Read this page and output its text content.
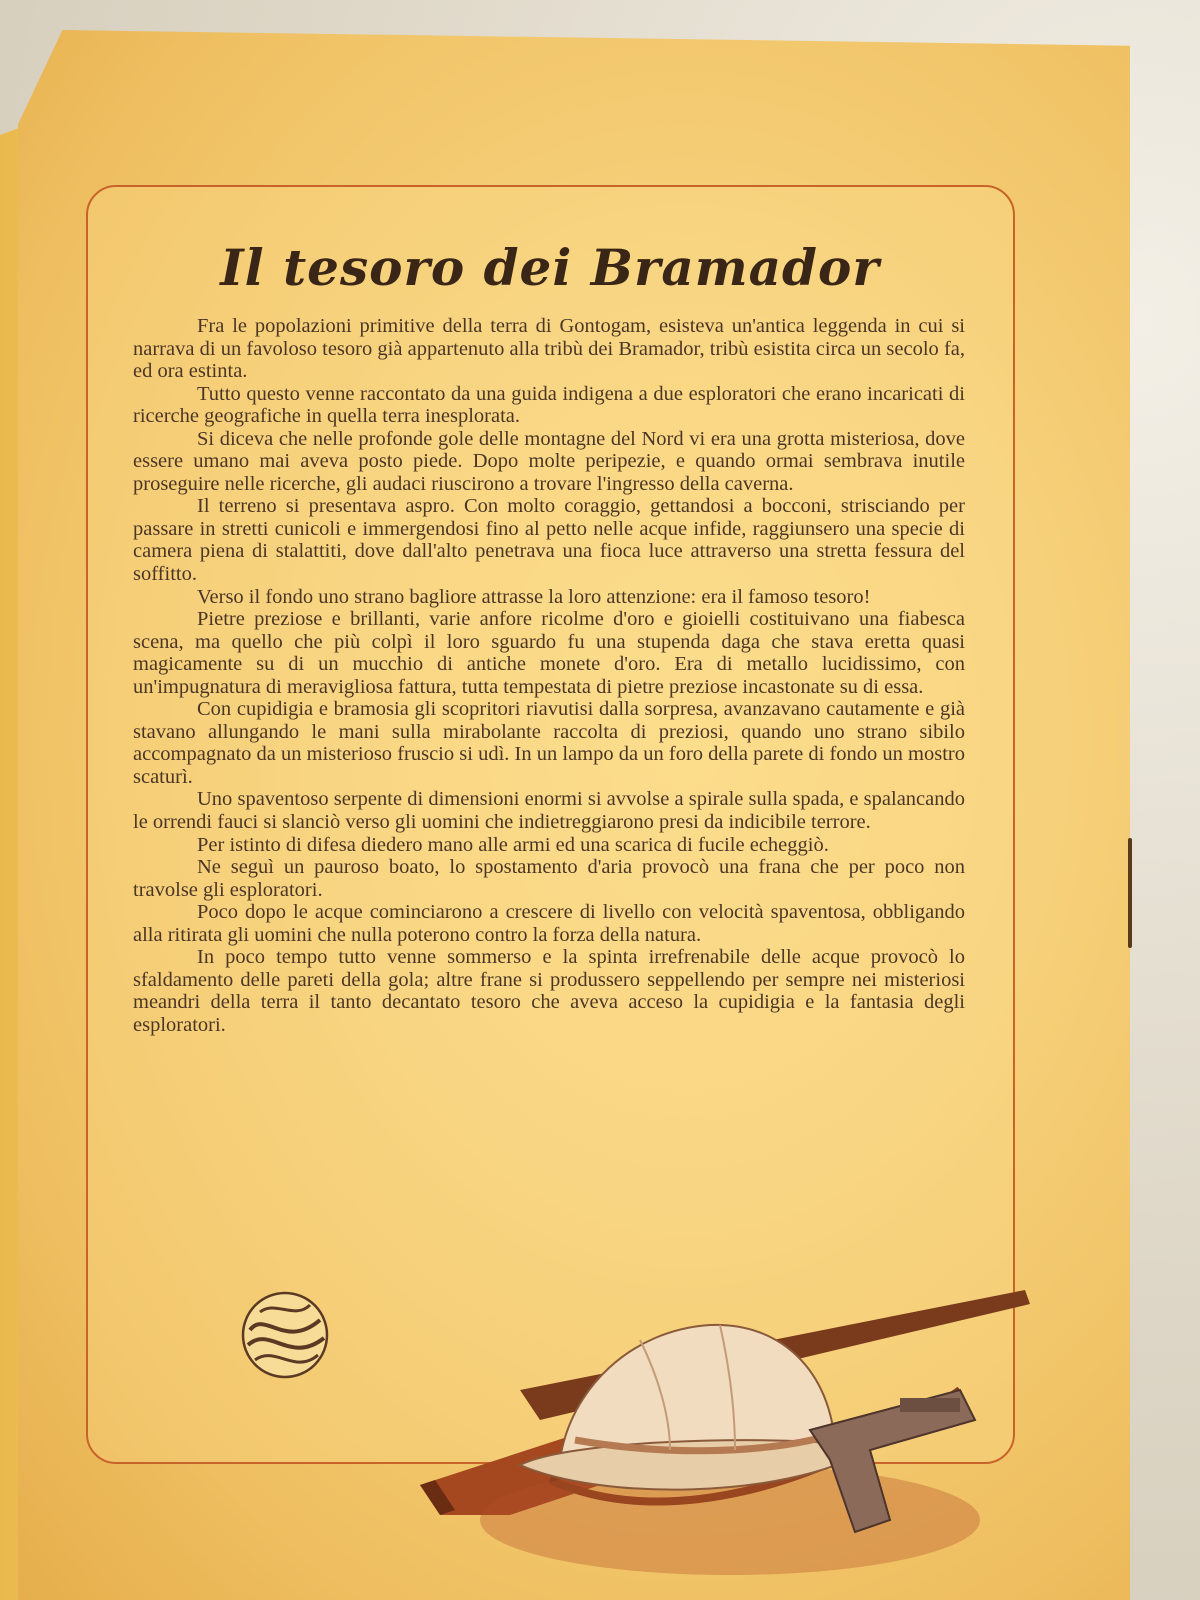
Il tesoro dei Bramador

Fra le popolazioni primitive della terra di Gontogam, esisteva un'antica leggenda in cui si narrava di un favoloso tesoro già appartenuto alla tribù dei Bramador, tribù esistita circa un secolo fa, ed ora estinta.

Tutto questo venne raccontato da una guida indigena a due esploratori che erano incaricati di ricerche geografiche in quella terra inesplorata.

Si diceva che nelle profonde gole delle montagne del Nord vi era una grotta misteriosa, dove essere umano mai aveva posto piede. Dopo molte peripezie, e quando ormai sembrava inutile proseguire nelle ricerche, gli audaci riuscirono a trovare l'ingresso della caverna.

Il terreno si presentava aspro. Con molto coraggio, gettandosi a bocconi, strisciando per passare in stretti cunicoli e immergendosi fino al petto nelle acque infide, raggiunsero una specie di camera piena di stalattiti, dove dall'alto penetrava una fioca luce attraverso una stretta fessura del soffitto.

Verso il fondo uno strano bagliore attrasse la loro attenzione: era il famoso tesoro!

Pietre preziose e brillanti, varie anfore ricolme d'oro e gioielli costituivano una fiabesca scena, ma quello che più colpì il loro sguardo fu una stupenda daga che stava eretta quasi magicamente su di un mucchio di antiche monete d'oro. Era di metallo lucidissimo, con un'impugnatura di meravigliosa fattura, tutta tempestata di pietre preziose incastonate su di essa.

Con cupidigia e bramosia gli scopritori riavutisi dalla sorpresa, avanzavano cautamente e già stavano allungando le mani sulla mirabolante raccolta di preziosi, quando uno strano sibilo accompagnato da un misterioso fruscio si udì. In un lampo da un foro della parete di fondo un mostro scaturì.

Uno spaventoso serpente di dimensioni enormi si avvolse a spirale sulla spada, e spalancando le orrendi fauci si slanciò verso gli uomini che indietreggiarono presi da indicibile terrore.

Per istinto di difesa diedero mano alle armi ed una scarica di fucile echeggiò.

Ne seguì un pauroso boato, lo spostamento d'aria provocò una frana che per poco non travolse gli esploratori.

Poco dopo le acque cominciarono a crescere di livello con velocità spaventosa, obbligando alla ritirata gli uomini che nulla poterono contro la forza della natura.

In poco tempo tutto venne sommerso e la spinta irrefrenabile delle acque provocò lo sfaldamento delle pareti della gola; altre frane si produssero seppellendo per sempre nei misteriosi meandri della terra il tanto decantato tesoro che aveva acceso la cupidigia e la fantasia degli esploratori.
